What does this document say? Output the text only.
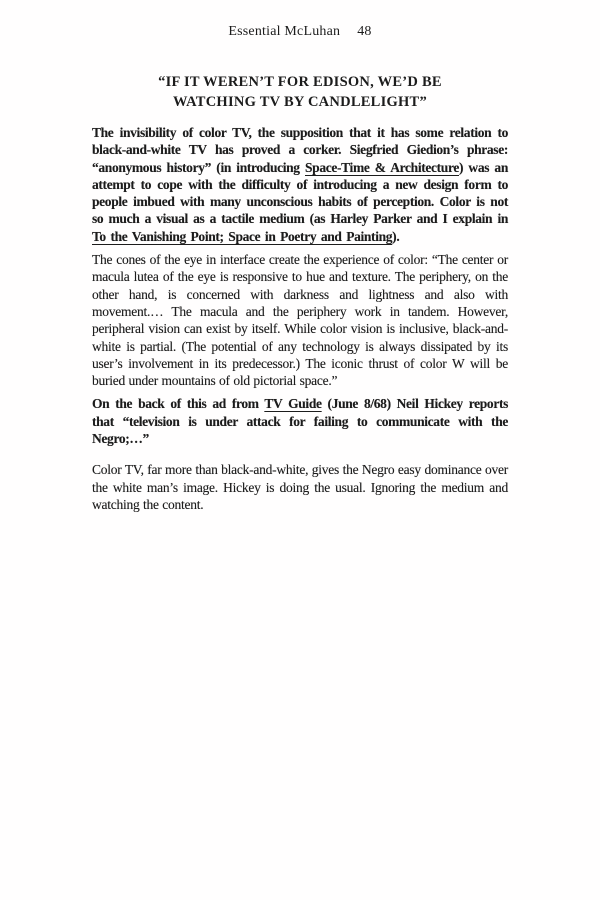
Essential McLuhan 48
“IF IT WEREN’T FOR EDISON, WE’D BE
WATCHING TV BY CANDLELIGHT”

The invisibility of color TV, the supposition that it has some relation to black-and-white TV has proved a corker. Siegfried Giedion’s phrase: “anonymous history” (in introducing Space-Time & Architecture) was an attempt to cope with the difficulty of introducing a new design form to people imbued with many unconscious habits of perception. Color is not so much a visual as a tactile medium (as Harley Parker and I explain in To the Vanishing Point; Space in Poetry and Painting).

The cones of the eye in interface create the experience of color: “The center or macula lutea of the eye is responsive to hue and texture. The periphery, on the other hand, is concerned with darkness and lightness and also with movement.… The macula and the periphery work in tandem. However, peripheral vision can exist by itself. While color vision is inclusive, black-and-white is partial. (The potential of any technology is always dissipated by its user’s involvement in its predecessor.) The iconic thrust of color W will be buried under mountains of old pictorial space.”

On the back of this ad from TV Guide (June 8/68) Neil Hickey reports that “television is under attack for failing to communicate with the Negro;…”

Color TV, far more than black-and-white, gives the Negro easy dominance over the white man’s image. Hickey is doing the usual. Ignoring the medium and watching the content.
